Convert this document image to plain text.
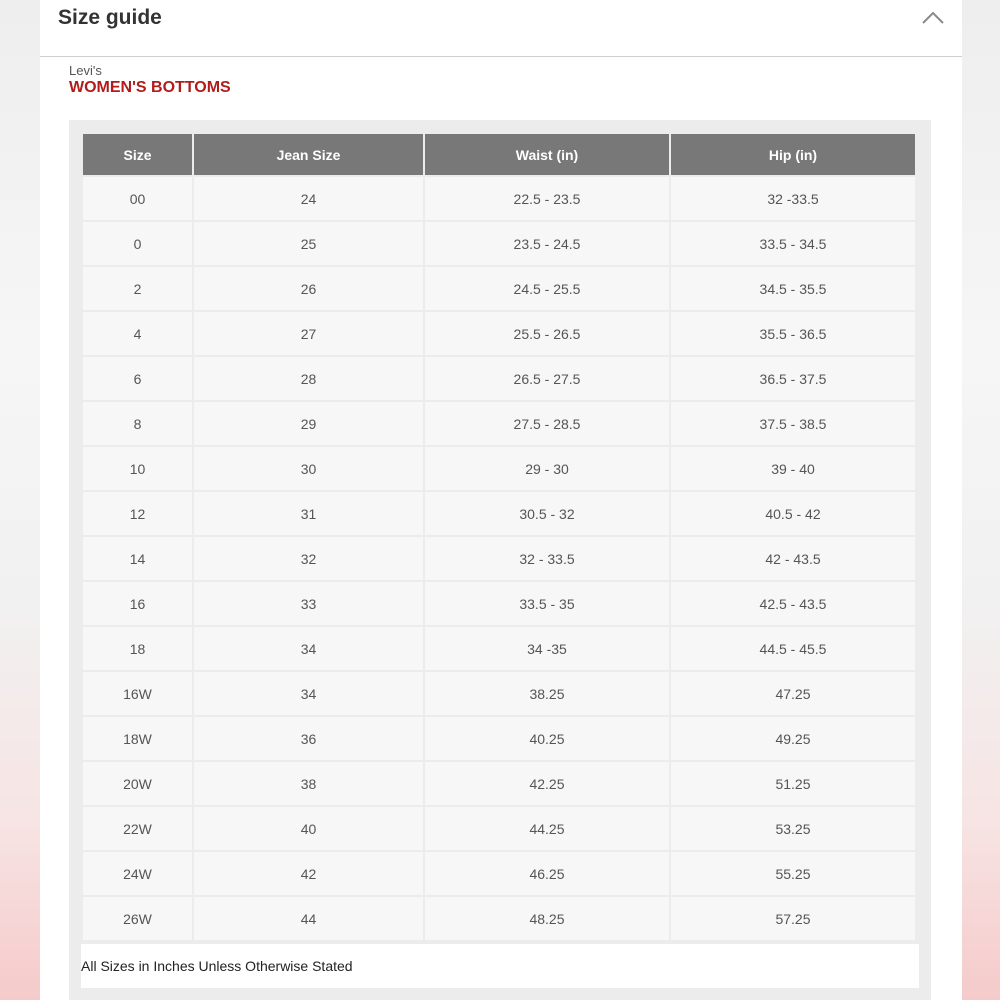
Size guide
Levi's
WOMEN'S BOTTOMS
Size	Jean Size	Waist (in)	Hip (in)
00	24	22.5 - 23.5	32 -33.5
0	25	23.5 - 24.5	33.5 - 34.5
2	26	24.5 - 25.5	34.5 - 35.5
4	27	25.5 - 26.5	35.5 - 36.5
6	28	26.5 - 27.5	36.5 - 37.5
8	29	27.5 - 28.5	37.5 - 38.5
10	30	29 - 30	39 - 40
12	31	30.5 - 32	40.5 - 42
14	32	32 - 33.5	42 - 43.5
16	33	33.5 - 35	42.5 - 43.5
18	34	34 -35	44.5 - 45.5
16W	34	38.25	47.25
18W	36	40.25	49.25
20W	38	42.25	51.25
22W	40	44.25	53.25
24W	42	46.25	55.25
26W	44	48.25	57.25
All Sizes in Inches Unless Otherwise Stated
